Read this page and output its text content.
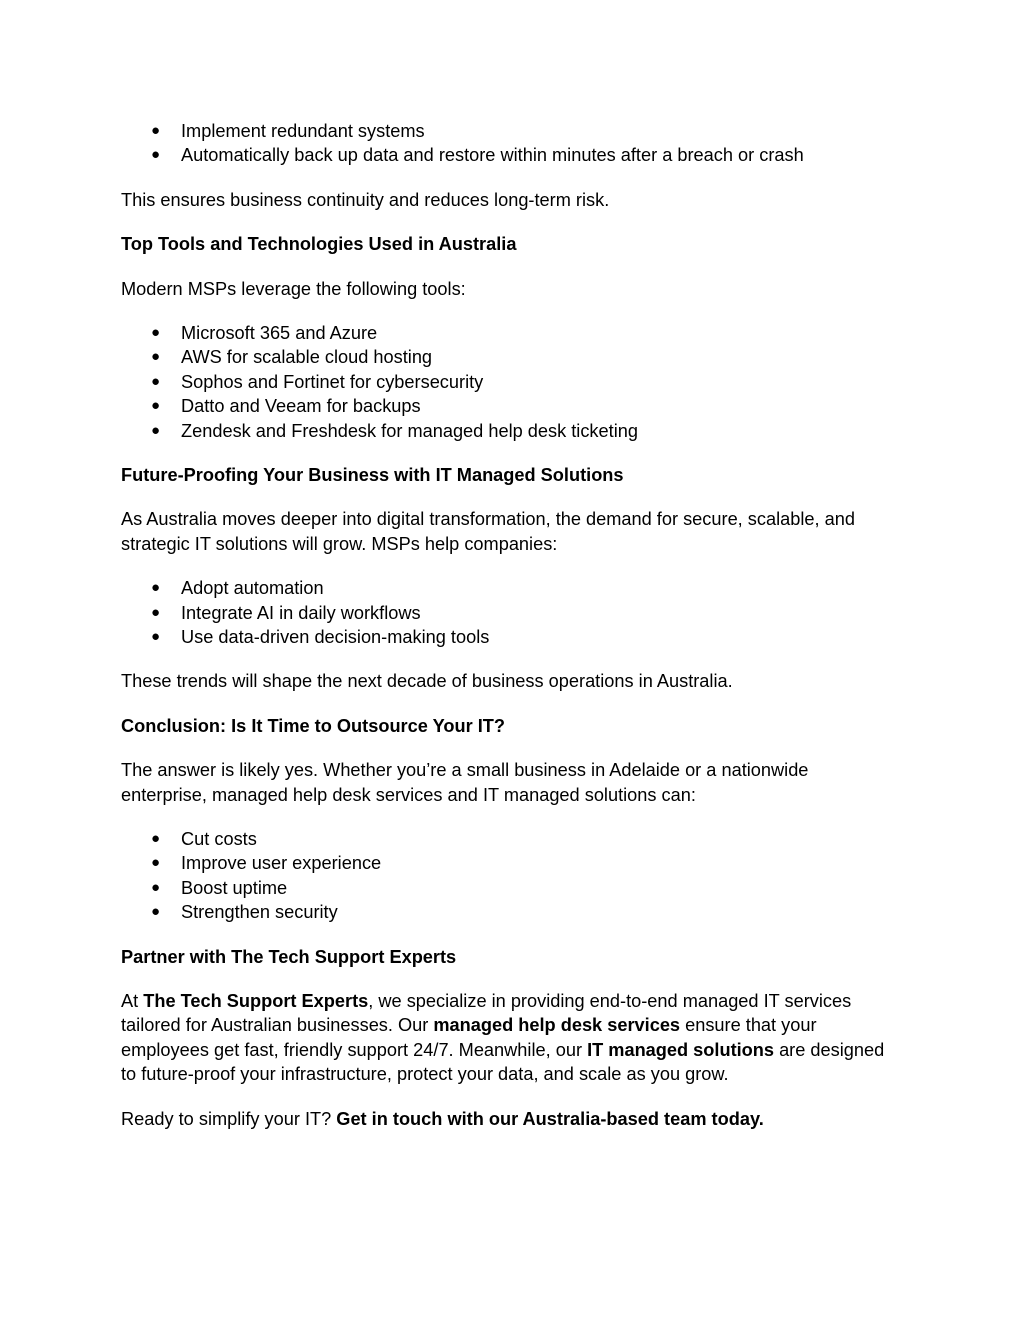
● Implement redundant systems
● Automatically back up data and restore within minutes after a breach or crash

This ensures business continuity and reduces long-term risk.

Top Tools and Technologies Used in Australia

Modern MSPs leverage the following tools:

● Microsoft 365 and Azure
● AWS for scalable cloud hosting
● Sophos and Fortinet for cybersecurity
● Datto and Veeam for backups
● Zendesk and Freshdesk for managed help desk ticketing

Future-Proofing Your Business with IT Managed Solutions

As Australia moves deeper into digital transformation, the demand for secure, scalable, and
strategic IT solutions will grow. MSPs help companies:

● Adopt automation
● Integrate AI in daily workflows
● Use data-driven decision-making tools

These trends will shape the next decade of business operations in Australia.

Conclusion: Is It Time to Outsource Your IT?

The answer is likely yes. Whether you’re a small business in Adelaide or a nationwide
enterprise, managed help desk services and IT managed solutions can:

● Cut costs
● Improve user experience
● Boost uptime
● Strengthen security

Partner with The Tech Support Experts

At The Tech Support Experts, we specialize in providing end-to-end managed IT services
tailored for Australian businesses. Our managed help desk services ensure that your
employees get fast, friendly support 24/7. Meanwhile, our IT managed solutions are designed
to future-proof your infrastructure, protect your data, and scale as you grow.

Ready to simplify your IT? Get in touch with our Australia-based team today.
